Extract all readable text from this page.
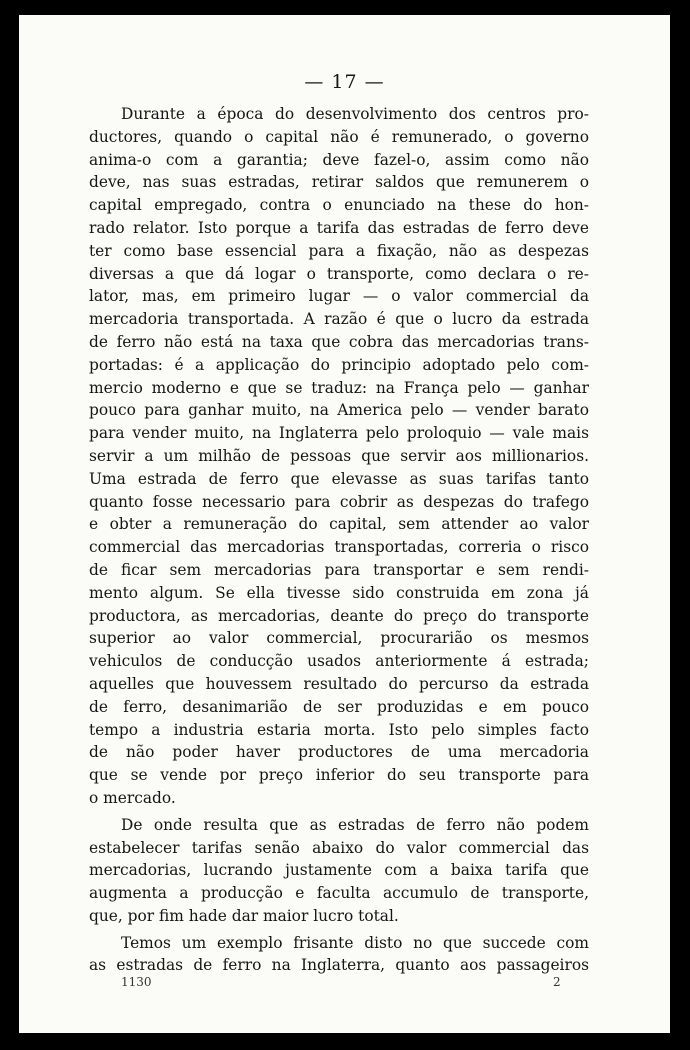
— 17 —
Durante a época do desenvolvimento dos centros pro-
ductores, quando o capital não é remunerado, o governo
anima-o com a garantia; deve fazel-o, assim como não
deve, nas suas estradas, retirar saldos que remunerem o
capital empregado, contra o enunciado na these do hon-
rado relator. Isto porque a tarifa das estradas de ferro deve
ter como base essencial para a fixação, não as despezas
diversas a que dá logar o transporte, como declara o re-
lator, mas, em primeiro lugar — o valor commercial da
mercadoria transportada. A razão é que o lucro da estrada
de ferro não está na taxa que cobra das mercadorias trans-
portadas: é a applicação do principio adoptado pelo com-
mercio moderno e que se traduz: na França pelo — ganhar
pouco para ganhar muito, na America pelo — vender barato
para vender muito, na Inglaterra pelo proloquio — vale mais
servir a um milhão de pessoas que servir aos millionarios.
Uma estrada de ferro que elevasse as suas tarifas tanto
quanto fosse necessario para cobrir as despezas do trafego
e obter a remuneração do capital, sem attender ao valor
commercial das mercadorias transportadas, correria o risco
de ficar sem mercadorias para transportar e sem rendi-
mento algum. Se ella tivesse sido construida em zona já
productora, as mercadorias, deante do preço do transporte
superior ao valor commercial, procurarião os mesmos
vehiculos de conducção usados anteriormente á estrada;
aquelles que houvessem resultado do percurso da estrada
de ferro, desanimarião de ser produzidas e em pouco
tempo a industria estaria morta. Isto pelo simples facto
de não poder haver productores de uma mercadoria
que se vende por preço inferior do seu transporte para
o mercado.
De onde resulta que as estradas de ferro não podem
estabelecer tarifas senão abaixo do valor commercial das
mercadorias, lucrando justamente com a baixa tarifa que
augmenta a producção e faculta accumulo de transporte,
que, por fim hade dar maior lucro total.
Temos um exemplo frisante disto no que succede com
as estradas de ferro na Inglaterra, quanto aos passageiros
1130	2
